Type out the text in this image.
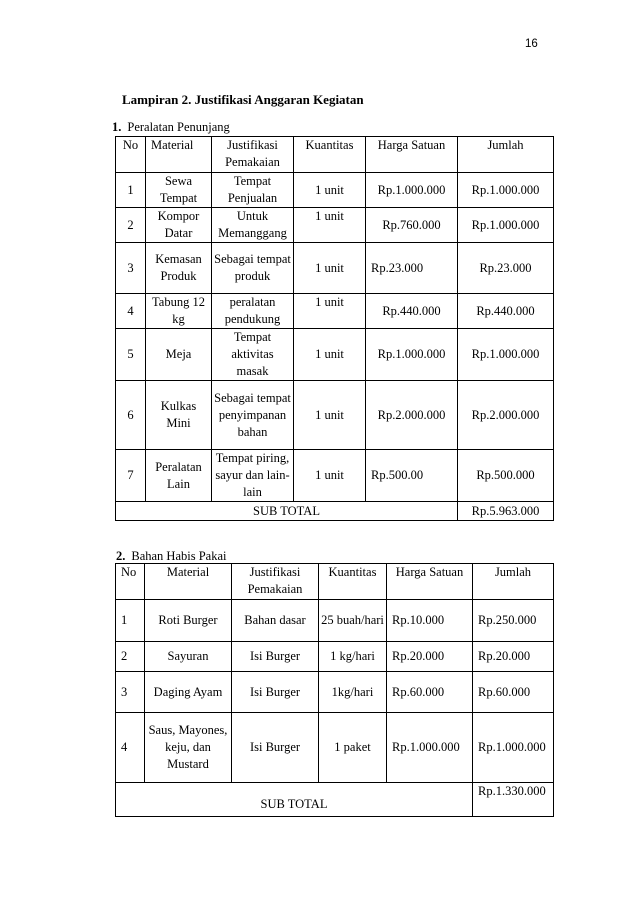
16
Lampiran 2. Justifikasi Anggaran Kegiatan
1. Peralatan Penunjang
No	Material	Justifikasi Pemakaian	Kuantitas	Harga Satuan	Jumlah
1	Sewa Tempat	Tempat Penjualan	1 unit	Rp.1.000.000	Rp.1.000.000
2	Kompor Datar	Untuk Memanggang	1 unit	Rp.760.000	Rp.1.000.000
3	Kemasan Produk	Sebagai tempat produk	1 unit	Rp.23.000	Rp.23.000
4	Tabung 12 kg	peralatan pendukung	1 unit	Rp.440.000	Rp.440.000
5	Meja	Tempat aktivitas masak	1 unit	Rp.1.000.000	Rp.1.000.000
6	Kulkas Mini	Sebagai tempat penyimpanan bahan	1 unit	Rp.2.000.000	Rp.2.000.000
7	Peralatan Lain	Tempat piring, sayur dan lain-lain	1 unit	Rp.500.00	Rp.500.000
SUB TOTAL					Rp.5.963.000
2. Bahan Habis Pakai
No	Material	Justifikasi Pemakaian	Kuantitas	Harga Satuan	Jumlah
1	Roti Burger	Bahan dasar	25 buah/hari	Rp.10.000	Rp.250.000
2	Sayuran	Isi Burger	1 kg/hari	Rp.20.000	Rp.20.000
3	Daging Ayam	Isi Burger	1kg/hari	Rp.60.000	Rp.60.000
4	Saus, Mayones, keju, dan Mustard	Isi Burger	1 paket	Rp.1.000.000	Rp.1.000.000
SUB TOTAL					Rp.1.330.000
